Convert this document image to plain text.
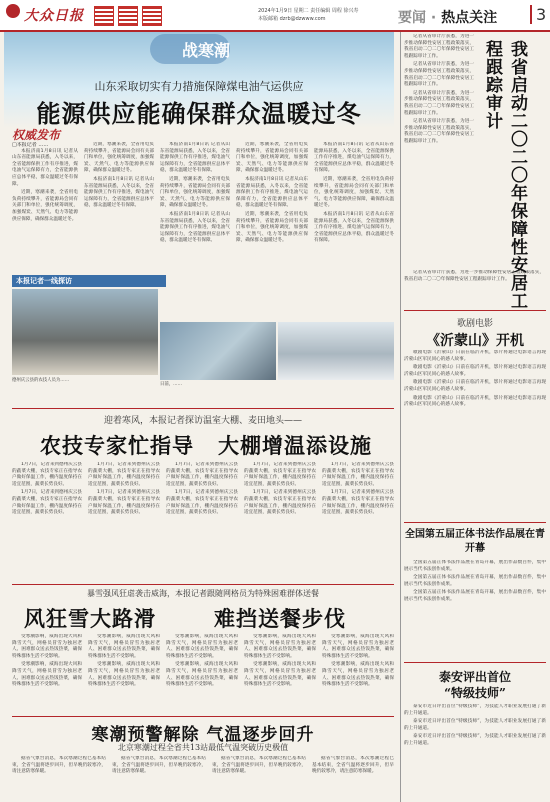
大众日报	2024年1月9日 星期二 责任编辑 周程 徐兴寿
本版邮箱 dzrb@dzwww.com	要闻 · 热点关注	3
战寒潮
山东采取切实有力措施保障煤电油气运供应
能源供应能确保群众温暖过冬
权威发布
□本报记者 ……

本报济南1月8日讯 记者从山东省能源局获悉，入冬以来，全省能源保供工作有序推进，煤电油气运保障有力，全省能源供应总体平稳，群众温暖过冬有保障。

近期，寒潮来袭，全省用电负荷持续攀升，省能源局会同有关部门和单位，强化统筹调度，加强煤炭、天然气、电力等能源供应保障，确保群众温暖过冬。

近期，寒潮来袭，全省用电负荷持续攀升，省能源局会同有关部门和单位，强化统筹调度，加强煤炭、天然气、电力等能源供应保障，确保群众温暖过冬。

本报济南1月8日讯 记者从山东省能源局获悉，入冬以来，全省能源保供工作有序推进，煤电油气运保障有力，全省能源供应总体平稳，群众温暖过冬有保障。

本报济南1月8日讯 记者从山东省能源局获悉，入冬以来，全省能源保供工作有序推进，煤电油气运保障有力，全省能源供应总体平稳，群众温暖过冬有保障。

近期，寒潮来袭，全省用电负荷持续攀升，省能源局会同有关部门和单位，强化统筹调度，加强煤炭、天然气、电力等能源供应保障，确保群众温暖过冬。

本报济南1月8日讯 记者从山东省能源局获悉，入冬以来，全省能源保供工作有序推进，煤电油气运保障有力，全省能源供应总体平稳，群众温暖过冬有保障。

近期，寒潮来袭，全省用电负荷持续攀升，省能源局会同有关部门和单位，强化统筹调度，加强煤炭、天然气、电力等能源供应保障，确保群众温暖过冬。

本报济南1月8日讯 记者从山东省能源局获悉，入冬以来，全省能源保供工作有序推进，煤电油气运保障有力，全省能源供应总体平稳，群众温暖过冬有保障。

近期，寒潮来袭，全省用电负荷持续攀升，省能源局会同有关部门和单位，强化统筹调度，加强煤炭、天然气、电力等能源供应保障，确保群众温暖过冬。

本报济南1月8日讯 记者从山东省能源局获悉，入冬以来，全省能源保供工作有序推进，煤电油气运保障有力，全省能源供应总体平稳，群众温暖过冬有保障。

近期，寒潮来袭，全省用电负荷持续攀升，省能源局会同有关部门和单位，强化统筹调度，加强煤炭、天然气、电力等能源供应保障，确保群众温暖过冬。

本报济南1月8日讯 记者从山东省能源局获悉，入冬以来，全省能源保供工作有序推进，煤电油气运保障有力，全省能源供应总体平稳，群众温暖过冬有保障。

本报记者一线探访
德州庆云县的农技人员为……
日前，……
迎着寒风，本报记者探访温室大棚、麦田地头——
农技专家忙指导 大棚增温添设施

1月7日，记者来到德州庆云县的蔬菜大棚，农技专家正在指导农户做好保温工作，棚内温度保持在适宜范围，蔬菜长势良好。

1月7日，记者来到德州庆云县的蔬菜大棚，农技专家正在指导农户做好保温工作，棚内温度保持在适宜范围，蔬菜长势良好。

1月7日，记者来到德州庆云县的蔬菜大棚，农技专家正在指导农户做好保温工作，棚内温度保持在适宜范围，蔬菜长势良好。

1月7日，记者来到德州庆云县的蔬菜大棚，农技专家正在指导农户做好保温工作，棚内温度保持在适宜范围，蔬菜长势良好。

1月7日，记者来到德州庆云县的蔬菜大棚，农技专家正在指导农户做好保温工作，棚内温度保持在适宜范围，蔬菜长势良好。

1月7日，记者来到德州庆云县的蔬菜大棚，农技专家正在指导农户做好保温工作，棚内温度保持在适宜范围，蔬菜长势良好。

1月7日，记者来到德州庆云县的蔬菜大棚，农技专家正在指导农户做好保温工作，棚内温度保持在适宜范围，蔬菜长势良好。

1月7日，记者来到德州庆云县的蔬菜大棚，农技专家正在指导农户做好保温工作，棚内温度保持在适宜范围，蔬菜长势良好。

1月7日，记者来到德州庆云县的蔬菜大棚，农技专家正在指导农户做好保温工作，棚内温度保持在适宜范围，蔬菜长势良好。

1月7日，记者来到德州庆云县的蔬菜大棚，农技专家正在指导农户做好保温工作，棚内温度保持在适宜范围，蔬菜长势良好。

暴雪强风狂虐袭击威海，本报记者跟随网格员为特殊困难群体送餐
风狂雪大路滑	难挡送餐步伐

受寒潮影响，威海出现大风和降雪天气，网格员冒雪为独居老人、困难群众送去热饭热菜，确保特殊群体生活不受影响。

受寒潮影响，威海出现大风和降雪天气，网格员冒雪为独居老人、困难群众送去热饭热菜，确保特殊群体生活不受影响。

受寒潮影响，威海出现大风和降雪天气，网格员冒雪为独居老人、困难群众送去热饭热菜，确保特殊群体生活不受影响。

受寒潮影响，威海出现大风和降雪天气，网格员冒雪为独居老人、困难群众送去热饭热菜，确保特殊群体生活不受影响。

受寒潮影响，威海出现大风和降雪天气，网格员冒雪为独居老人、困难群众送去热饭热菜，确保特殊群体生活不受影响。

受寒潮影响，威海出现大风和降雪天气，网格员冒雪为独居老人、困难群众送去热饭热菜，确保特殊群体生活不受影响。

受寒潮影响，威海出现大风和降雪天气，网格员冒雪为独居老人、困难群众送去热饭热菜，确保特殊群体生活不受影响。

受寒潮影响，威海出现大风和降雪天气，网格员冒雪为独居老人、困难群众送去热饭热菜，确保特殊群体生活不受影响。

受寒潮影响，威海出现大风和降雪天气，网格员冒雪为独居老人、困难群众送去热饭热菜，确保特殊群体生活不受影响。

受寒潮影响，威海出现大风和降雪天气，网格员冒雪为独居老人、困难群众送去热饭热菜，确保特殊群体生活不受影响。

寒潮预警解除 气温逐步回升
北京寒潮过程全省共13站最低气温突破历史极值

据省气象台消息，本次寒潮过程已基本结束，全省气温将逐步回升，但早晚仍较寒冷，请注意防寒保暖。

据省气象台消息，本次寒潮过程已基本结束，全省气温将逐步回升，但早晚仍较寒冷，请注意防寒保暖。

据省气象台消息，本次寒潮过程已基本结束，全省气温将逐步回升，但早晚仍较寒冷，请注意防寒保暖。

据省气象台消息，本次寒潮过程已基本结束，全省气温将逐步回升，但早晚仍较寒冷，请注意防寒保暖。

记者从省审计厅获悉，为进一步推动保障性安居工程政策落实，我省启动二〇二〇年保障性安居工程跟踪审计工作。

记者从省审计厅获悉，为进一步推动保障性安居工程政策落实，我省启动二〇二〇年保障性安居工程跟踪审计工作。

记者从省审计厅获悉，为进一步推动保障性安居工程政策落实，我省启动二〇二〇年保障性安居工程跟踪审计工作。

记者从省审计厅获悉，为进一步推动保障性安居工程政策落实，我省启动二〇二〇年保障性安居工程跟踪审计工作。	我省启动二〇二〇年保障性安居工程跟踪审计

记者从省审计厅获悉，为进一步推动保障性安居工程政策落实，我省启动二〇二〇年保障性安居工程跟踪审计工作。

歌剧电影
《沂蒙山》开机

歌剧电影《沂蒙山》日前在临沂开机，影片将通过电影语言再现沂蒙山区军民同心的感人故事。

歌剧电影《沂蒙山》日前在临沂开机，影片将通过电影语言再现沂蒙山区军民同心的感人故事。

歌剧电影《沂蒙山》日前在临沂开机，影片将通过电影语言再现沂蒙山区军民同心的感人故事。

歌剧电影《沂蒙山》日前在临沂开机，影片将通过电影语言再现沂蒙山区军民同心的感人故事。

全国第五届正体书法作品展在青开幕

全国第五届正体书法作品展在青岛开幕，展出作品数百件，集中展示当代书法创作成果。

全国第五届正体书法作品展在青岛开幕，展出作品数百件，集中展示当代书法创作成果。

全国第五届正体书法作品展在青岛开幕，展出作品数百件，集中展示当代书法创作成果。

泰安评出首位
“特级技师”

泰安市近日评出首位“特级技师”，为技能人才职业发展打通了新的上升通道。

泰安市近日评出首位“特级技师”，为技能人才职业发展打通了新的上升通道。

泰安市近日评出首位“特级技师”，为技能人才职业发展打通了新的上升通道。
